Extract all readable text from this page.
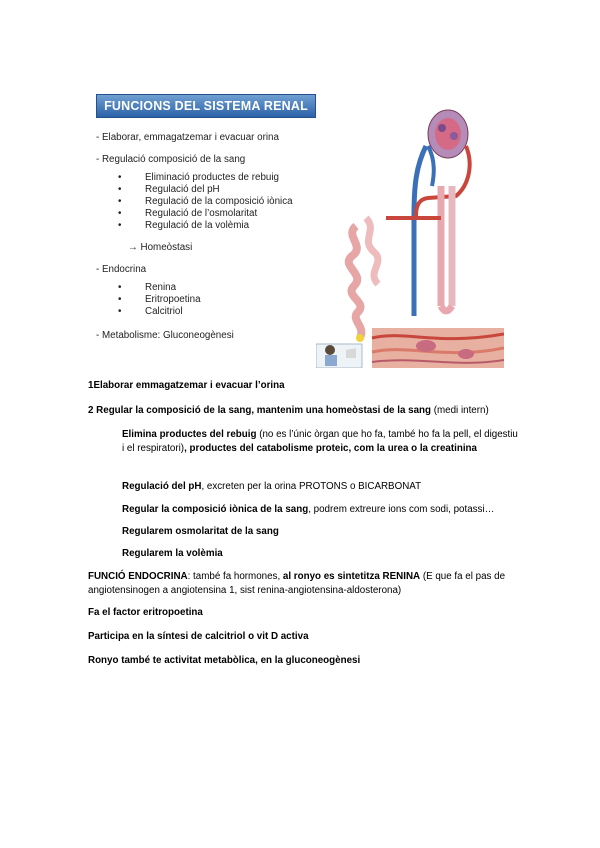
FUNCIONS DEL SISTEMA RENAL
- Elaborar, emmagatzemar i evacuar orina
- Regulació composició de la sang
• Eliminació productes de rebuig
• Regulació del pH
• Regulació de la composició iònica
• Regulació de l’osmolaritat
• Regulació de la volèmia
→ Homeòstasi
- Endocrina
• Renina
• Eritropoetina
• Calcitriol
- Metabolisme: Gluconeogènesi
1Elaborar emmagatzemar i evacuar l’orina
2 Regular la composició de la sang, mantenim una homeòstasi de la sang (medi intern)
Elimina productes del rebuig (no es l’únic òrgan que ho fa, també ho fa la pell, el digestiu i el respiratori), productes del catabolisme proteic, com la urea o la creatinina
Regulació del pH, excreten per la orina PROTONS o BICARBONAT
Regular la composició iònica de la sang, podrem extreure ions com sodi, potassi…
Regularem osmolaritat de la sang
Regularem la volèmia
FUNCIÓ ENDOCRINA: també fa hormones, al ronyo es sintetitza RENINA (E que fa el pas de angiotensinogen a angiotensina 1, sist renina-angiotensina-aldosterona)
Fa el factor eritropoetina
Participa en la síntesi de calcitriol o vit D activa
Ronyo també te activitat metabòlica, en la gluconeogènesi
